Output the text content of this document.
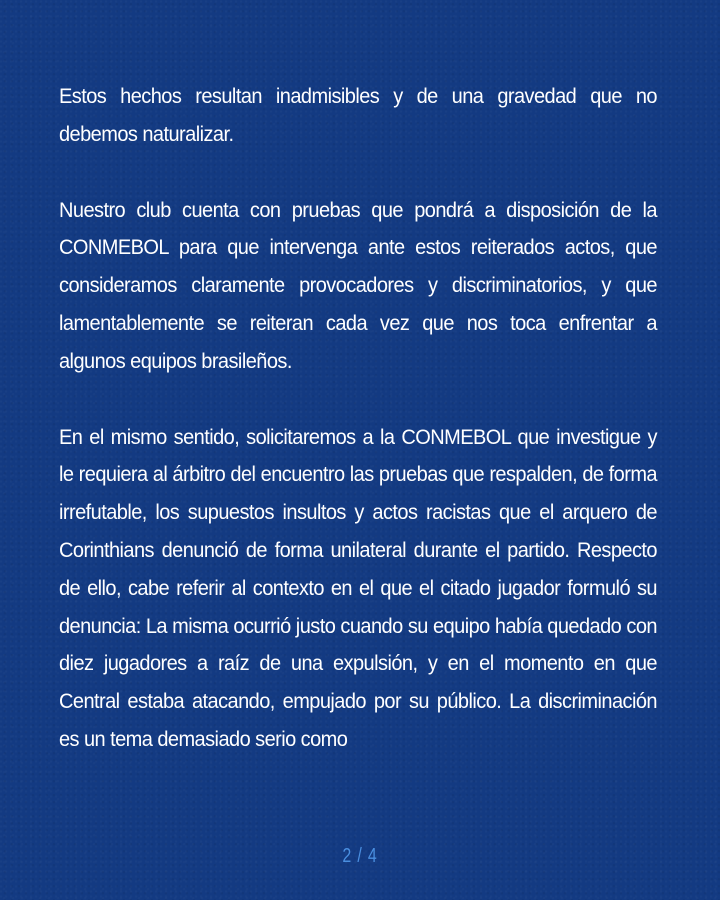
Estos hechos resultan inadmisibles y de una gravedad que no debemos naturalizar.

Nuestro club cuenta con pruebas que pondrá a disposición de la CONMEBOL para que intervenga ante estos reiterados actos, que consideramos claramente provocadores y discriminatorios, y que lamentablemente se reiteran cada vez que nos toca enfrentar a algunos equipos brasileños.

En el mismo sentido, solicitaremos a la CONMEBOL que investigue y le requiera al árbitro del encuentro las pruebas que respalden, de forma irrefutable, los supuestos insultos y actos racistas que el arquero de Corinthians denunció de forma unilateral durante el partido. Respecto de ello, cabe referir al contexto en el que el citado jugador formuló su denuncia: La misma ocurrió justo cuando su equipo había quedado con diez jugadores a raíz de una expulsión, y en el momento en que Central estaba atacando, empujado por su público. La discriminación es un tema demasiado serio como

2 / 4
